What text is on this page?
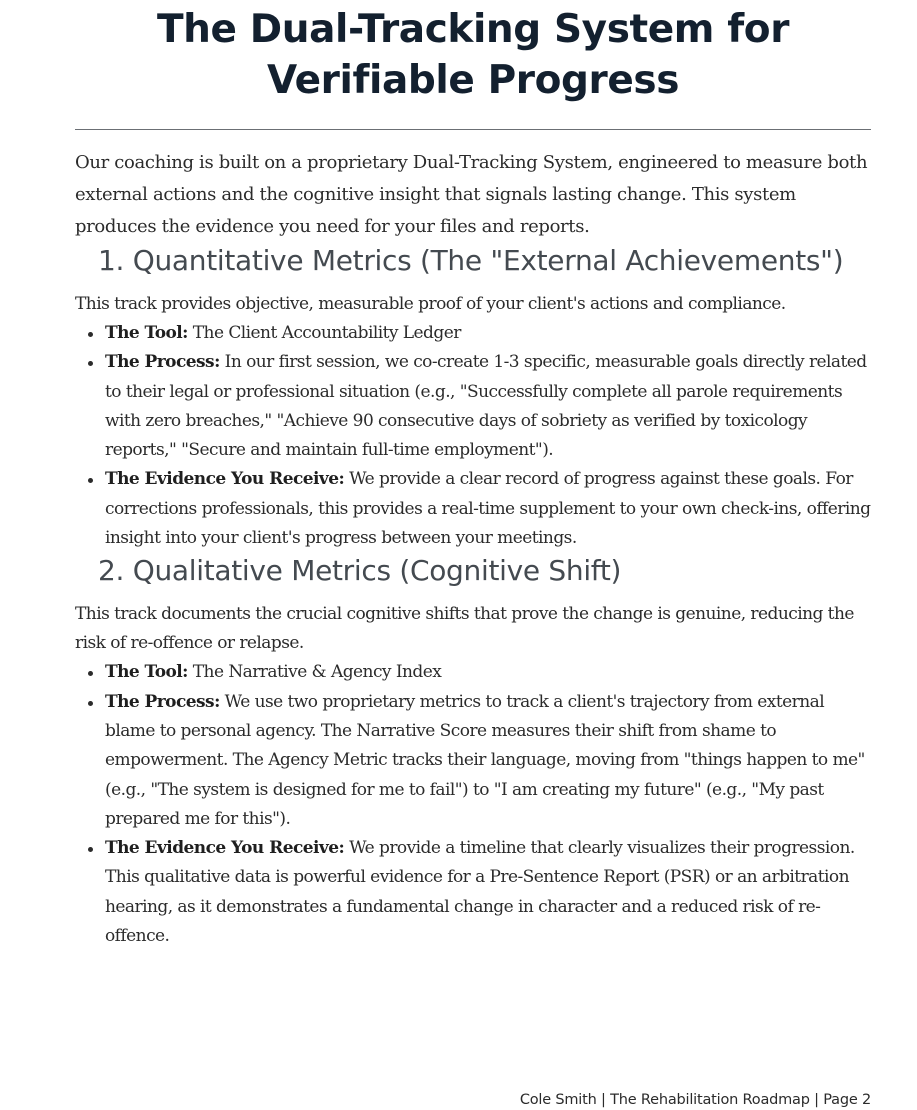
The Dual-Tracking System for
Verifiable Progress

Our coaching is built on a proprietary Dual-Tracking System, engineered to measure both external actions and the cognitive insight that signals lasting change. This system produces the evidence you need for your files and reports.

1. Quantitative Metrics (The "External Achievements")

This track provides objective, measurable proof of your client's actions and compliance.

The Tool: The Client Accountability Ledger
The Process: In our first session, we co-create 1-3 specific, measurable goals directly related to their legal or professional situation (e.g., "Successfully complete all parole requirements with zero breaches," "Achieve 90 consecutive days of sobriety as verified by toxicology reports," "Secure and maintain full-time employment").
The Evidence You Receive: We provide a clear record of progress against these goals. For corrections professionals, this provides a real-time supplement to your own check-ins, offering insight into your client's progress between your meetings.
2. Qualitative Metrics (Cognitive Shift)

This track documents the crucial cognitive shifts that prove the change is genuine, reducing the risk of re-offence or relapse.

The Tool: The Narrative & Agency Index
The Process: We use two proprietary metrics to track a client's trajectory from external blame to personal agency. The Narrative Score measures their shift from shame to empowerment. The Agency Metric tracks their language, moving from "things happen to me" (e.g., "The system is designed for me to fail") to "I am creating my future" (e.g., "My past prepared me for this").
The Evidence You Receive: We provide a timeline that clearly visualizes their progression. This qualitative data is powerful evidence for a Pre-Sentence Report (PSR) or an arbitration hearing, as it demonstrates a fundamental change in character and a reduced risk of re-offence.
Cole Smith | The Rehabilitation Roadmap | Page 2
